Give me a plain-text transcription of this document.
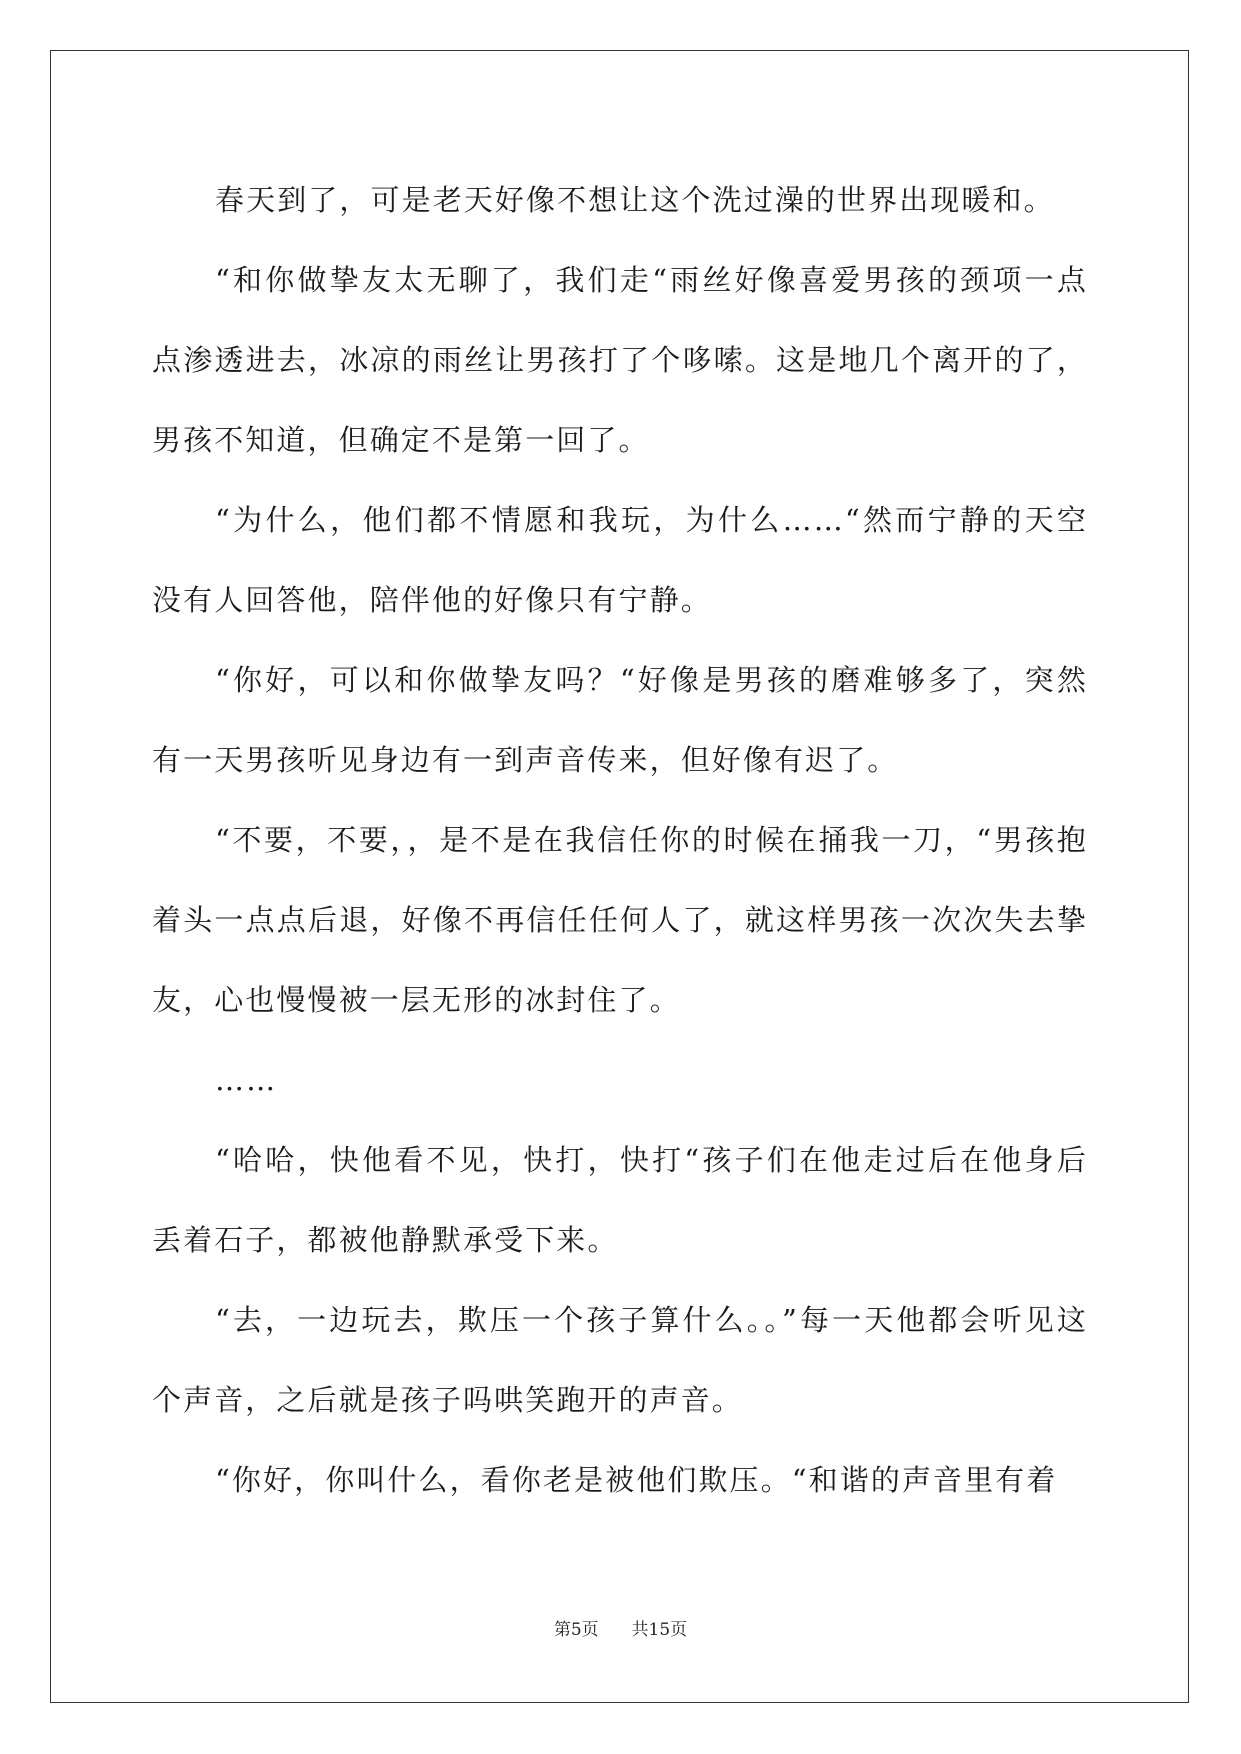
春天到了，可是老天好像不想让这个洗过澡的世界出现暖和。

“和你做挚友太无聊了，我们走“雨丝好像喜爱男孩的颈项一点点渗透进去，冰凉的雨丝让男孩打了个哆嗦。这是地几个离开的了，男孩不知道，但确定不是第一回了。

“为什么，他们都不情愿和我玩，为什么……“然而宁静的天空没有人回答他，陪伴他的好像只有宁静。

“你好，可以和你做挚友吗？“好像是男孩的磨难够多了，突然有一天男孩听见身边有一到声音传来，但好像有迟了。

“不要，不要，，是不是在我信任你的时候在捅我一刀，“男孩抱着头一点点后退，好像不再信任任何人了，就这样男孩一次次失去挚友，心也慢慢被一层无形的冰封住了。

……

“哈哈，快他看不见，快打，快打“孩子们在他走过后在他身后丢着石子，都被他静默承受下来。

“去，一边玩去，欺压一个孩子算什么。。”每一天他都会听见这个声音，之后就是孩子吗哄笑跑开的声音。

“你好，你叫什么，看你老是被他们欺压。“和谐的声音里有着

第5页 共15页
